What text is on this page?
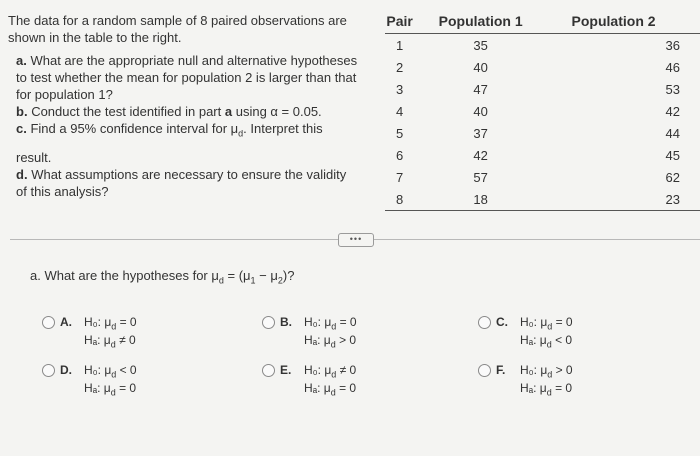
The data for a random sample of 8 paired observations are

shown in the table to the right.

a. What are the appropriate null and alternative hypotheses

to test whether the mean for population 2 is larger than that

for population 1?

b. Conduct the test identified in part a using α = 0.05.

c. Find a 95% confidence interval for $\mu_d$. Interpret this

result.

d. What assumptions are necessary to ensure the validity

of this analysis?

Pair	Population 1	Population 2
1	35	36
2	40	46
3	47	53
4	40	42
5	37	44
6	42	45
7	57	62
8	18	23
•••
a. What are the hypotheses for $\mu_d = (\mu_1 - \mu_2)$?
A. H₀: $\mu_d = 0$
Hₐ: $\mu_d \ne 0$
B. H₀: $\mu_d = 0$
Hₐ: $\mu_d > 0$
C. H₀: $\mu_d = 0$
Hₐ: $\mu_d < 0$
D. H₀: $\mu_d < 0$
Hₐ: $\mu_d = 0$
E. H₀: $\mu_d \ne 0$
Hₐ: $\mu_d = 0$
F. H₀: $\mu_d > 0$
Hₐ: $\mu_d = 0$
